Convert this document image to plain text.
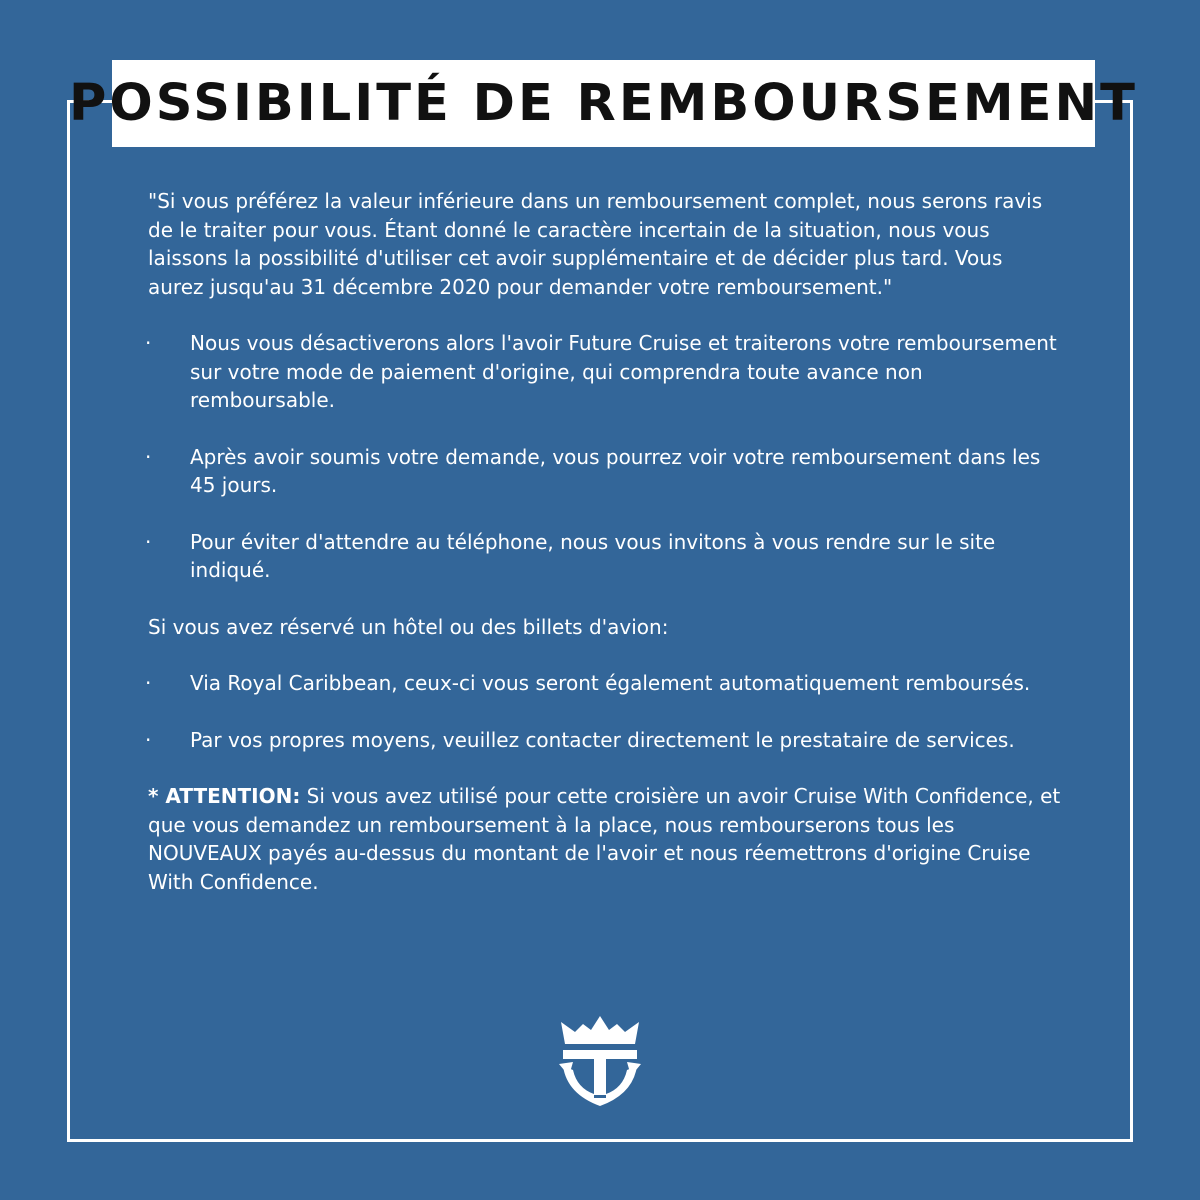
POSSIBILITÉ DE REMBOURSEMENT

"Si vous préférez la valeur inférieure dans un remboursement complet, nous serons ravis de le traiter pour vous. Étant donné le caractère incertain de la situation, nous vous laissons la possibilité d'utiliser cet avoir supplémentaire et de décider plus tard. Vous aurez jusqu'au 31 décembre 2020 pour demander votre remboursement."

· Nous vous désactiverons alors l'avoir Future Cruise et traiterons votre remboursement sur votre mode de paiement d'origine, qui comprendra toute avance non remboursable.

· Après avoir soumis votre demande, vous pourrez voir votre remboursement dans les 45 jours.

· Pour éviter d'attendre au téléphone, nous vous invitons à vous rendre sur le site indiqué.

Si vous avez réservé un hôtel ou des billets d'avion:

· Via Royal Caribbean, ceux-ci vous seront également automatiquement remboursés.

· Par vos propres moyens, veuillez contacter directement le prestataire de services.

* ATTENTION: Si vous avez utilisé pour cette croisière un avoir Cruise With Confidence, et que vous demandez un remboursement à la place, nous rembourserons tous les NOUVEAUX payés au-dessus du montant de l'avoir et nous réemettrons d'origine Cruise With Confidence.
